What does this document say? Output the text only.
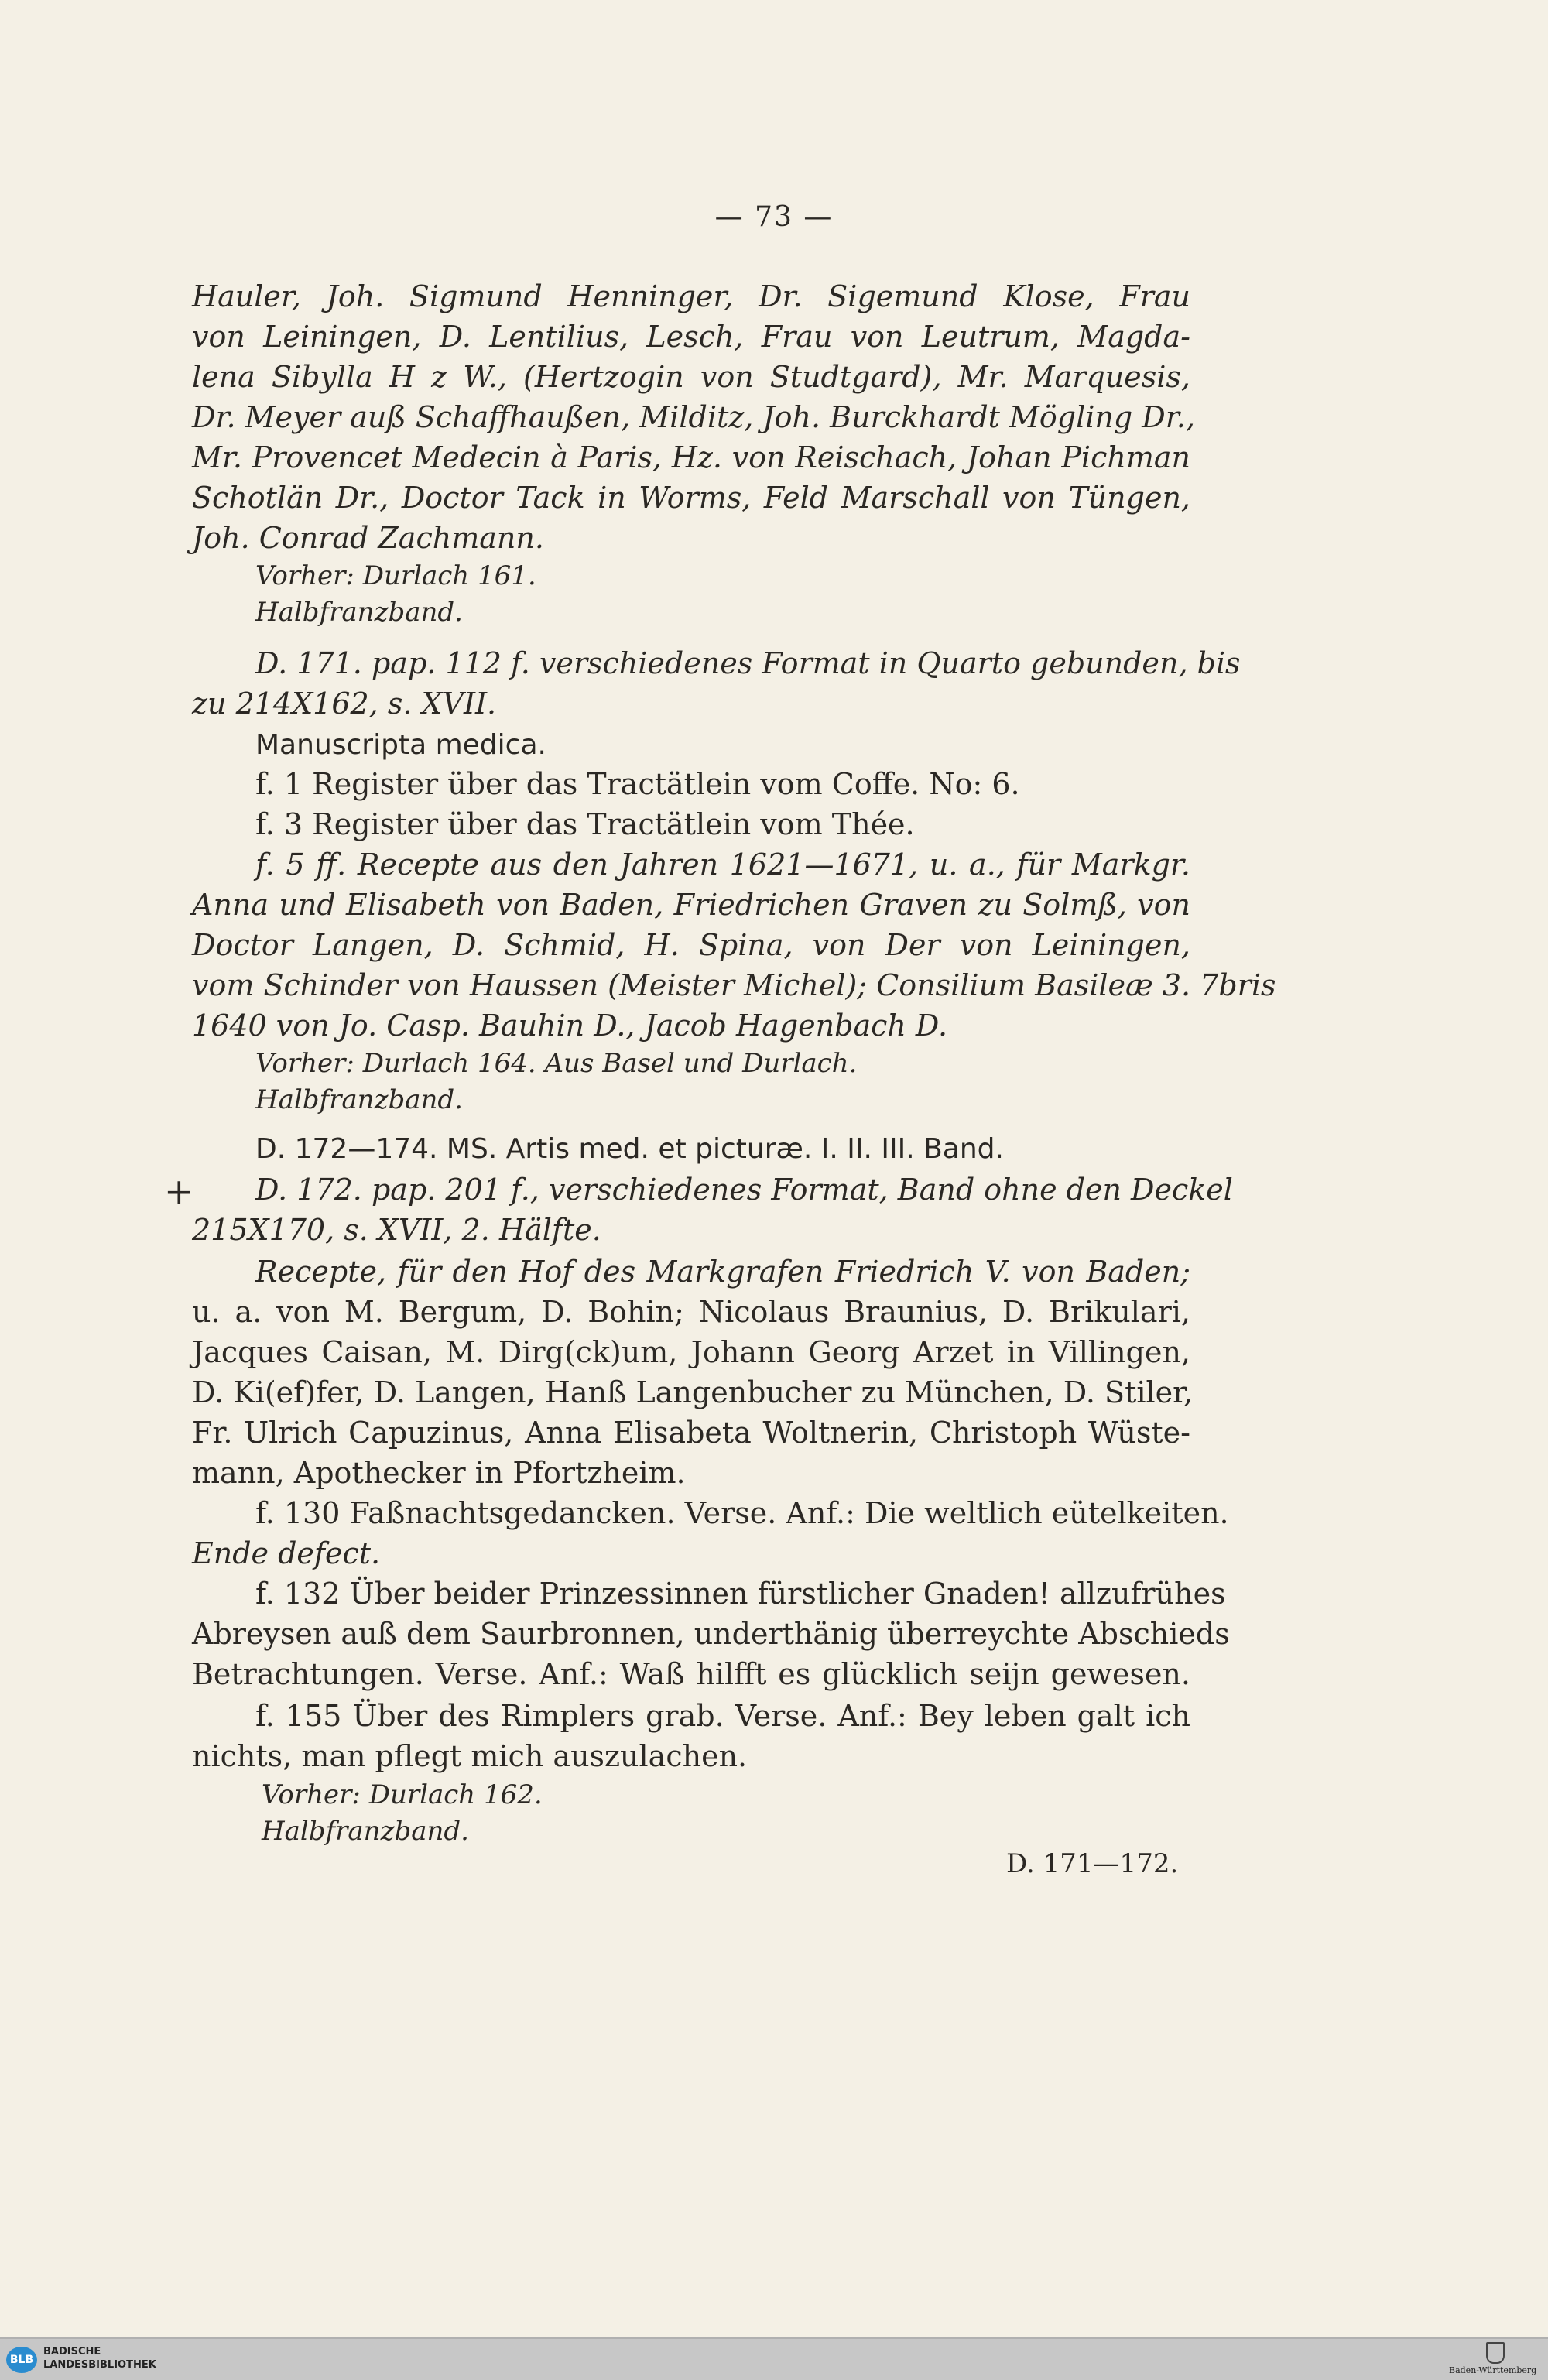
— 73 —
Hauler, Joh. Sigmund Henninger, Dr. Sigemund Klose, Frau
von Leiningen, D. Lentilius, Lesch, Frau von Leutrum, Magda-
lena Sibylla H z W., (Hertzogin von Studtgard), Mr. Marquesis,
Dr. Meyer auß Schaffhaußen, Milditz, Joh. Burckhardt Mögling Dr.,
Mr. Provencet Medecin à Paris, Hz. von Reischach, Johan Pichman
Schotlän Dr., Doctor Tack in Worms, Feld Marschall von Tüngen,
Joh. Conrad Zachmann.
Vorher: Durlach 161.
Halbfranzband.
D. 171. pap. 112 f. verschiedenes Format in Quarto gebunden, bis
zu 214X162, s. XVII.
Manuscripta medica.
f. 1 Register über das Tractätlein vom Coffe. No: 6.
f. 3 Register über das Tractätlein vom Thée.
f. 5 ff. Recepte aus den Jahren 1621—1671, u. a., für Markgr.
Anna und Elisabeth von Baden, Friedrichen Graven zu Solmß, von
Doctor Langen, D. Schmid, H. Spina, von Der von Leiningen,
vom Schinder von Haussen (Meister Michel); Consilium Basileæ 3. 7bris
1640 von Jo. Casp. Bauhin D., Jacob Hagenbach D.
Vorher: Durlach 164. Aus Basel und Durlach.
Halbfranzband.
D. 172—174. MS. Artis med. et picturæ. I. II. III. Band.
+ D. 172. pap. 201 f., verschiedenes Format, Band ohne den Deckel
215X170, s. XVII, 2. Hälfte.
Recepte, für den Hof des Markgrafen Friedrich V. von Baden;
u. a. von M. Bergum, D. Bohin; Nicolaus Braunius, D. Brikulari,
Jacques Caisan, M. Dirg(ck)um, Johann Georg Arzet in Villingen,
D. Ki(ef)fer, D. Langen, Hanß Langenbucher zu München, D. Stiler,
Fr. Ulrich Capuzinus, Anna Elisabeta Woltnerin, Christoph Wüste-
mann, Apothecker in Pfortzheim.
f. 130 Faßnachtsgedancken. Verse. Anf.: Die weltlich eütelkeiten.
Ende defect.
f. 132 Über beider Prinzessinnen fürstlicher Gnaden! allzufrühes
Abreysen auß dem Saurbronnen, underthänig überreychte Abschieds
Betrachtungen. Verse. Anf.: Waß hilfft es glücklich seijn gewesen.
f. 155 Über des Rimplers grab. Verse. Anf.: Bey leben galt ich
nichts, man pflegt mich auszulachen.
Vorher: Durlach 162.
Halbfranzband.
D. 171—172.
BLB
BADISCHE
LANDESBIBLIOTHEK	Baden-Württemberg
